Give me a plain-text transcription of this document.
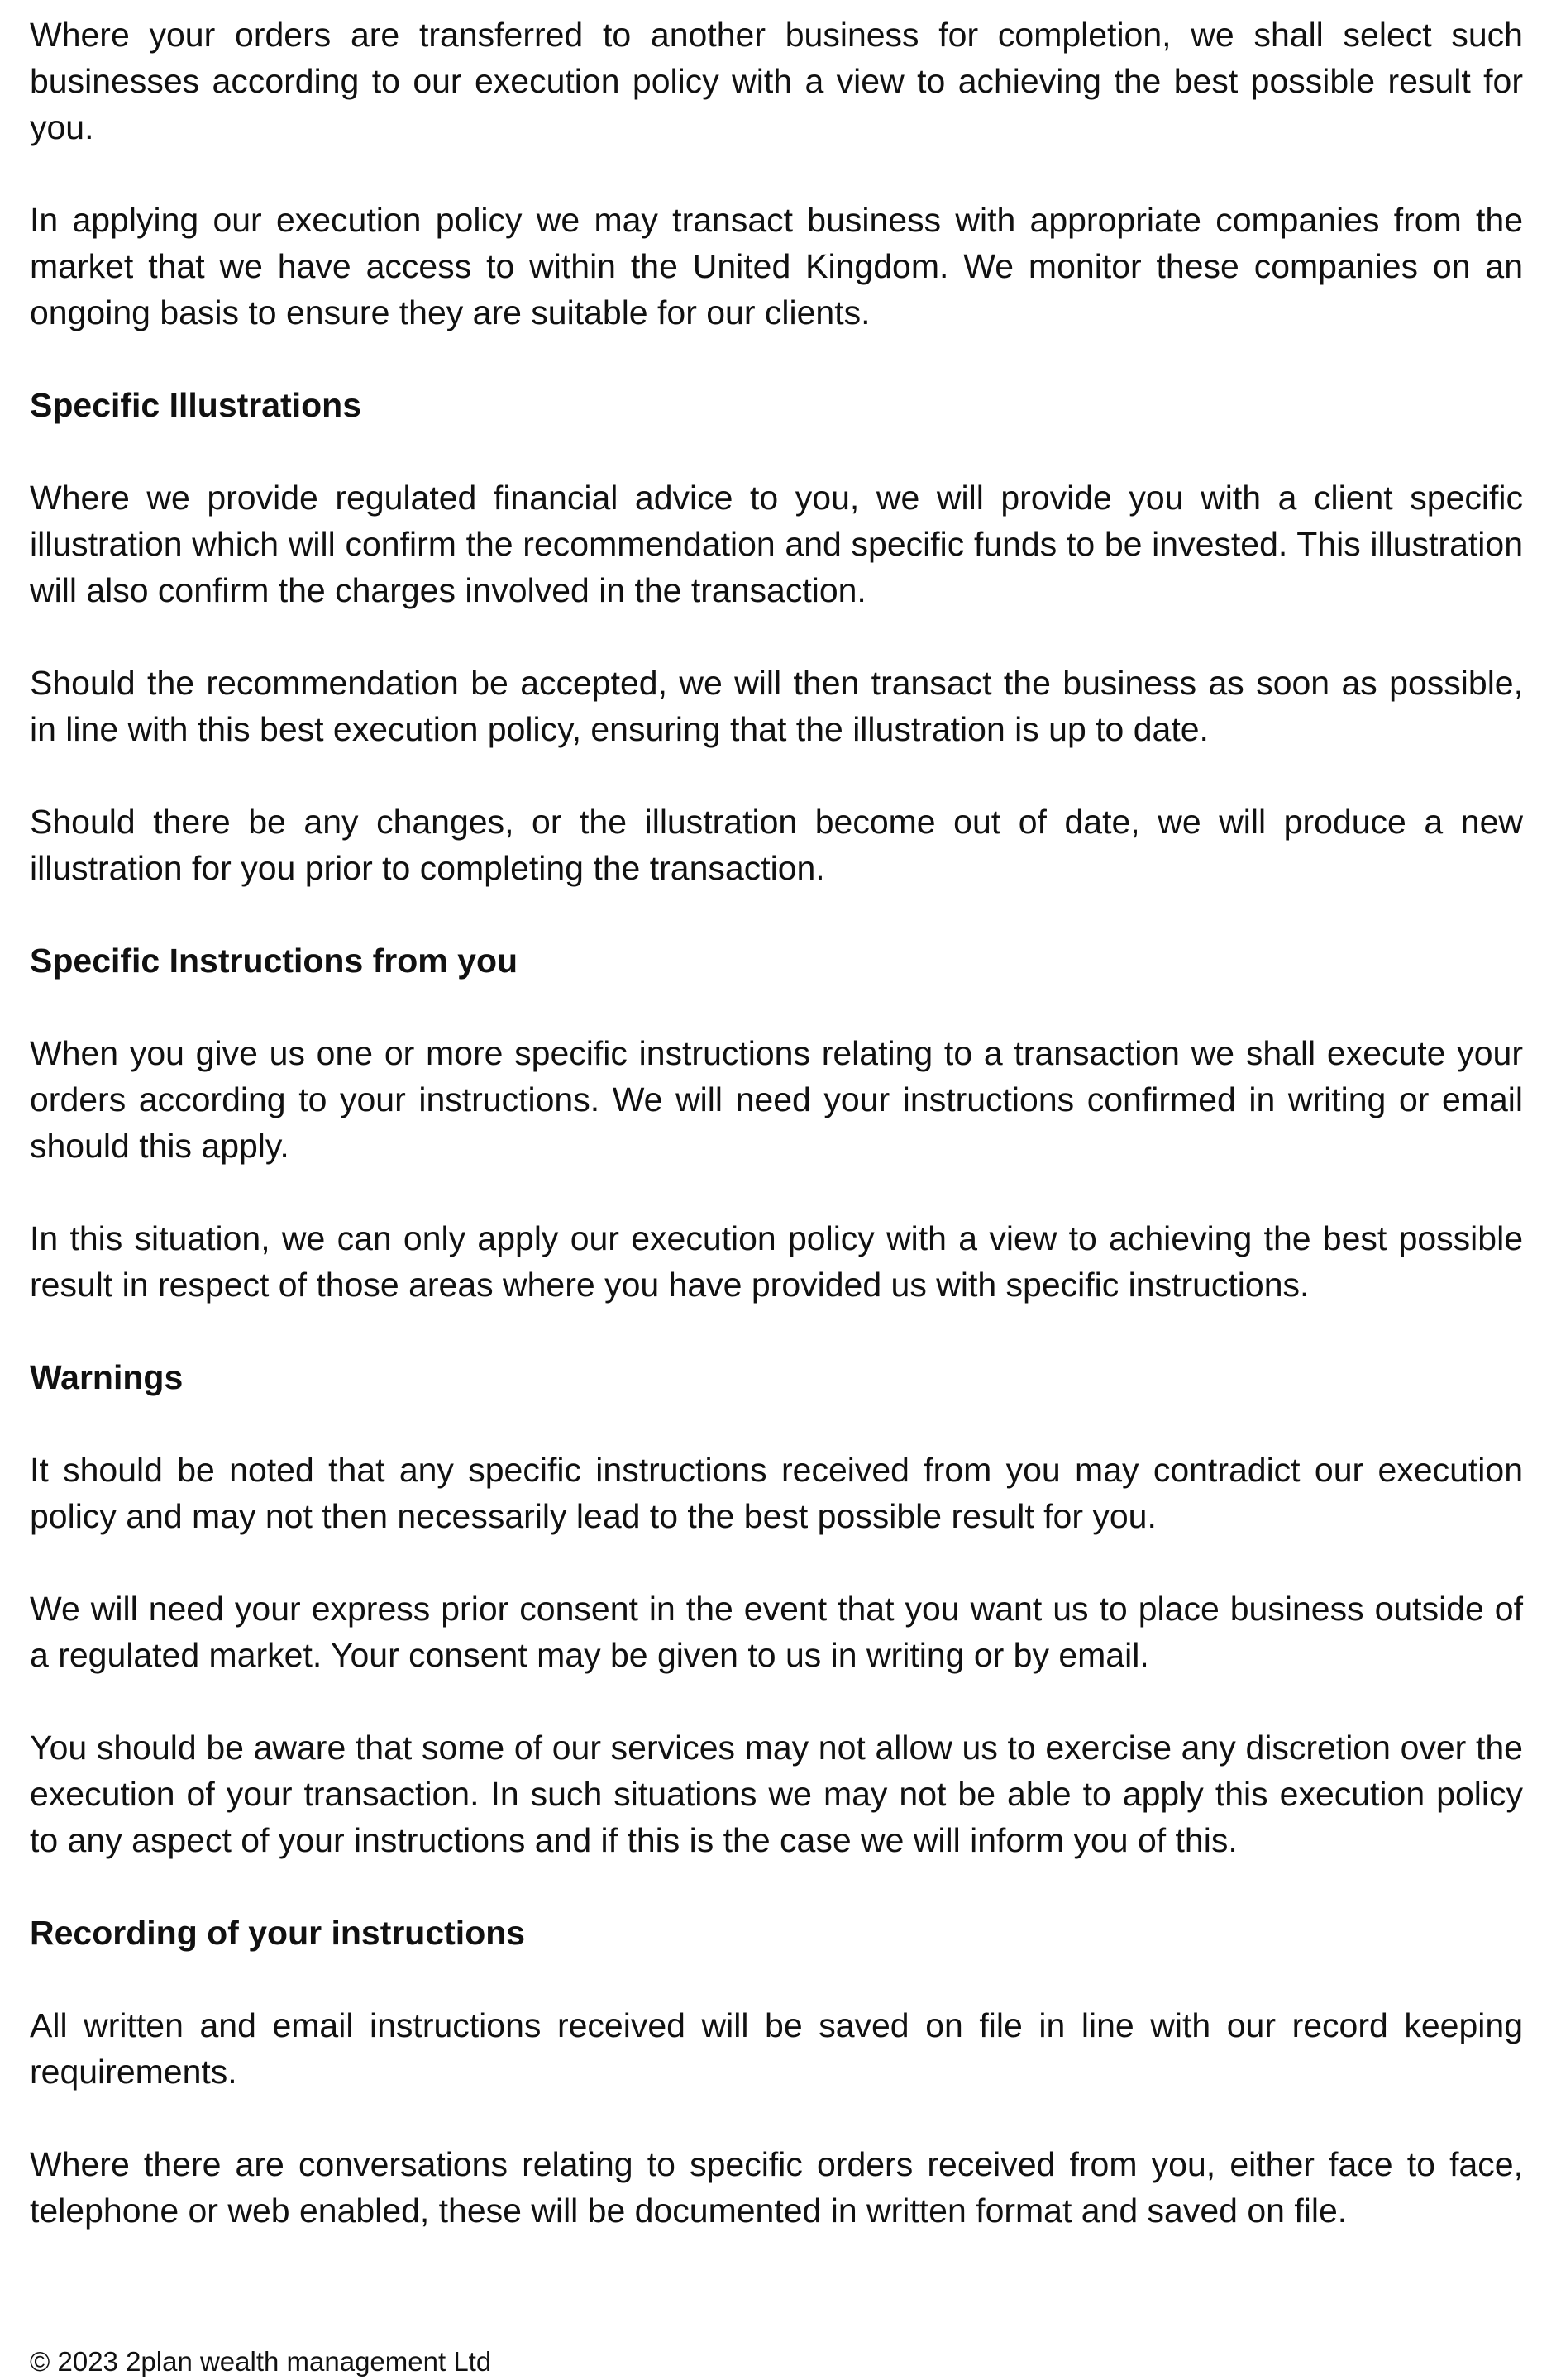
Where your orders are transferred to another business for completion, we shall select such businesses according to our execution policy with a view to achieving the best possible result for you.

In applying our execution policy we may transact business with appropriate companies from the market that we have access to within the United Kingdom. We monitor these companies on an ongoing basis to ensure they are suitable for our clients.

Specific Illustrations

Where we provide regulated financial advice to you, we will provide you with a client specific illustration which will confirm the recommendation and specific funds to be invested. This illustration will also confirm the charges involved in the transaction.

Should the recommendation be accepted, we will then transact the business as soon as possible, in line with this best execution policy, ensuring that the illustration is up to date.

Should there be any changes, or the illustration become out of date, we will produce a new illustration for you prior to completing the transaction.

Specific Instructions from you

When you give us one or more specific instructions relating to a transaction we shall execute your orders according to your instructions. We will need your instructions confirmed in writing or email should this apply.

In this situation, we can only apply our execution policy with a view to achieving the best possible result in respect of those areas where you have provided us with specific instructions.

Warnings

It should be noted that any specific instructions received from you may contradict our execution policy and may not then necessarily lead to the best possible result for you.

We will need your express prior consent in the event that you want us to place business outside of a regulated market. Your consent may be given to us in writing or by email.

You should be aware that some of our services may not allow us to exercise any discretion over the execution of your transaction. In such situations we may not be able to apply this execution policy to any aspect of your instructions and if this is the case we will inform you of this.

Recording of your instructions

All written and email instructions received will be saved on file in line with our record keeping requirements.

Where there are conversations relating to specific orders received from you, either face to face, telephone or web enabled, these will be documented in written format and saved on file.

© 2023 2plan wealth management Ltd
